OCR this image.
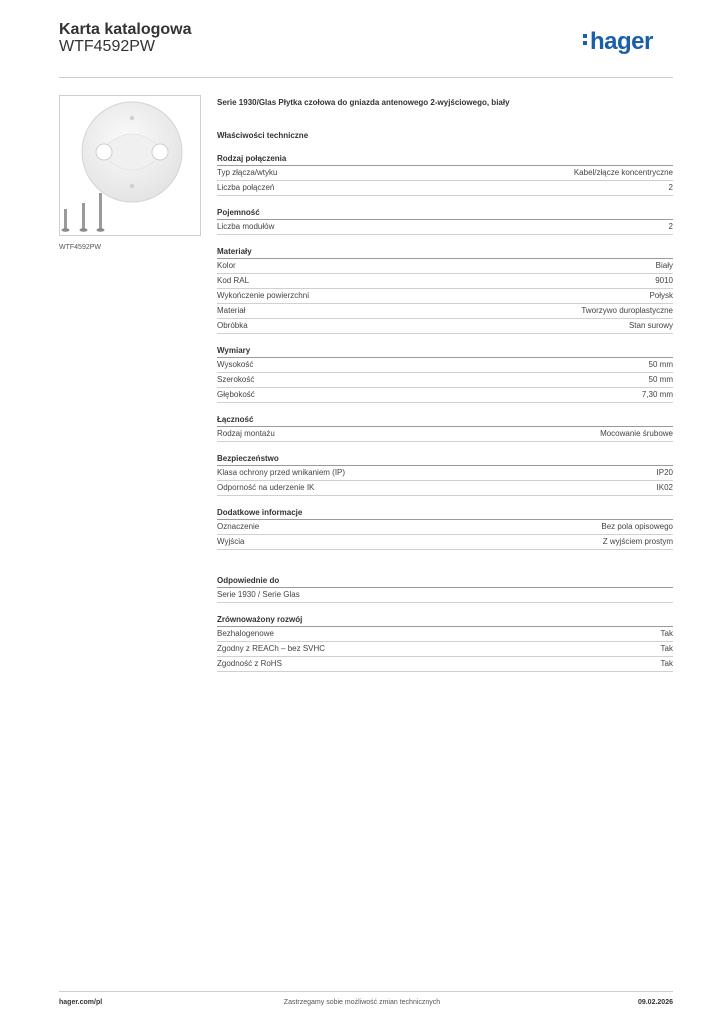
Karta katalogowa
WTF4592PW	hager
WTF4592PW
Serie 1930/Glas Płytka czołowa do gniazda antenowego 2-wyjściowego, biały
Właściwości techniczne
Rodzaj połączenia
Typ złącza/wtyku	Kabel/złącze koncentryczne
Liczba połączeń	2
Pojemność
Liczba modułów	2
Materiały
Kolor	Biały
Kod RAL	9010
Wykończenie powierzchni	Połysk
Materiał	Tworzywo duroplastyczne
Obróbka	Stan surowy
Wymiary
Wysokość	50 mm
Szerokość	50 mm
Głębokość	7,30 mm
Łączność
Rodzaj montażu	Mocowanie śrubowe
Bezpieczeństwo
Klasa ochrony przed wnikaniem (IP)	IP20
Odporność na uderzenie IK	IK02
Dodatkowe informacje
Oznaczenie	Bez pola opisowego
Wyjścia	Z wyjściem prostym
Odpowiednie do
Serie 1930 / Serie Glas
Zrównoważony rozwój
Bezhalogenowe	Tak
Zgodny z REACh – bez SVHC	Tak
Zgodność z RoHS	Tak
hager.com/pl	Zastrzegamy sobie możliwość zmian technicznych	09.02.2026
